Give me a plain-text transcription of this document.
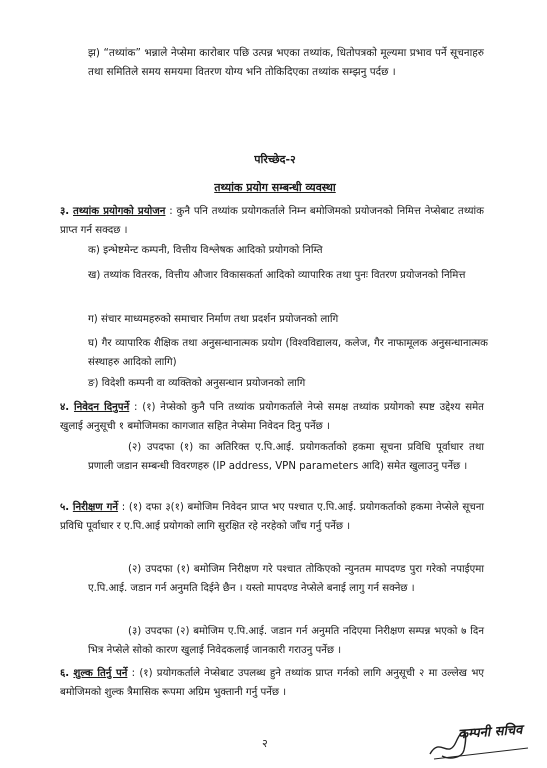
झ) “तथ्यांक” भन्नाले नेप्सेमा कारोबार पछि उत्पन्न भएका तथ्यांक, धितोपत्रको मूल्यमा प्रभाव पर्ने सूचनाहरु तथा समितिले समय समयमा वितरण योग्य भनि तोकिदिएका तथ्यांक सम्झनु पर्दछ ।
परिच्छेद-२
तथ्यांक प्रयोग सम्बन्धी व्यवस्था
३. तथ्यांक प्रयोगको प्रयोजन : कुनै पनि तथ्यांक प्रयोगकर्ताले निम्न बमोजिमको प्रयोजनको निमित्त नेप्सेबाट तथ्यांक प्राप्त गर्न सक्दछ ।
क) इन्भेष्टमेन्ट कम्पनी, वित्तीय विश्लेषक आदिको प्रयोगको निम्ति
ख) तथ्यांक वितरक, वित्तीय औजार विकासकर्ता आदिको व्यापारिक तथा पुनः वितरण प्रयोजनको निमित्त
ग) संचार माध्यमहरुको समाचार निर्माण तथा प्रदर्शन प्रयोजनको लागि
घ) गैर व्यापारिक शैक्षिक तथा अनुसन्धानात्मक प्रयोग (विश्वविद्यालय, कलेज, गैर नाफामूलक अनुसन्धानात्मक संस्थाहरु आदिको लागि)
ङ) विदेशी कम्पनी वा व्यक्तिको अनुसन्धान प्रयोजनको लागि
४. निवेदन दिनुपर्ने : (१) नेप्सेको कुनै पनि तथ्यांक प्रयोगकर्ताले नेप्से समक्ष तथ्यांक प्रयोगको स्पष्ट उद्देश्य समेत खुलाई अनुसूची १ बमोजिमका कागजात सहित नेप्सेमा निवेदन दिनु पर्नेछ ।
(२) उपदफा (१) का अतिरिक्त ए.पि.आई. प्रयोगकर्ताको हकमा सूचना प्रविधि पूर्वाधार तथा प्रणाली जडान सम्बन्धी विवरणहरु (IP address, VPN parameters आदि) समेत खुलाउनु पर्नेछ ।
५. निरीक्षण गर्ने : (१) दफा ३(१) बमोजिम निवेदन प्राप्त भए पश्चात ए.पि.आई. प्रयोगकर्ताको हकमा नेप्सेले सूचना प्रविधि पूर्वाधार र ए.पि.आई प्रयोगको लागि सुरक्षित रहे नरहेको जाँच गर्नु पर्नेछ ।
(२) उपदफा (१) बमोजिम निरीक्षण गरे पश्चात तोकिएको न्युनतम मापदण्ड पुरा गरेको नपाईएमा ए.पि.आई. जडान गर्न अनुमति दिईने छैन । यस्तो मापदण्ड नेप्सेले बनाई लागु गर्न सक्नेछ ।
(३) उपदफा (२) बमोजिम ए.पि.आई. जडान गर्न अनुमति नदिएमा निरीक्षण सम्पन्न भएको ७ दिन भित्र नेप्सेले सोको कारण खुलाई निवेदकलाई जानकारी गराउनु पर्नेछ ।
६. शुल्क तिर्नु पर्ने : (१) प्रयोगकर्ताले नेप्सेबाट उपलब्ध हुने तथ्यांक प्राप्त गर्नको लागि अनुसूची २ मा उल्लेख भए बमोजिमको शुल्क त्रैमासिक रूपमा अग्रिम भुक्तानी गर्नु पर्नेछ ।
कम्पनी सचिव
२
